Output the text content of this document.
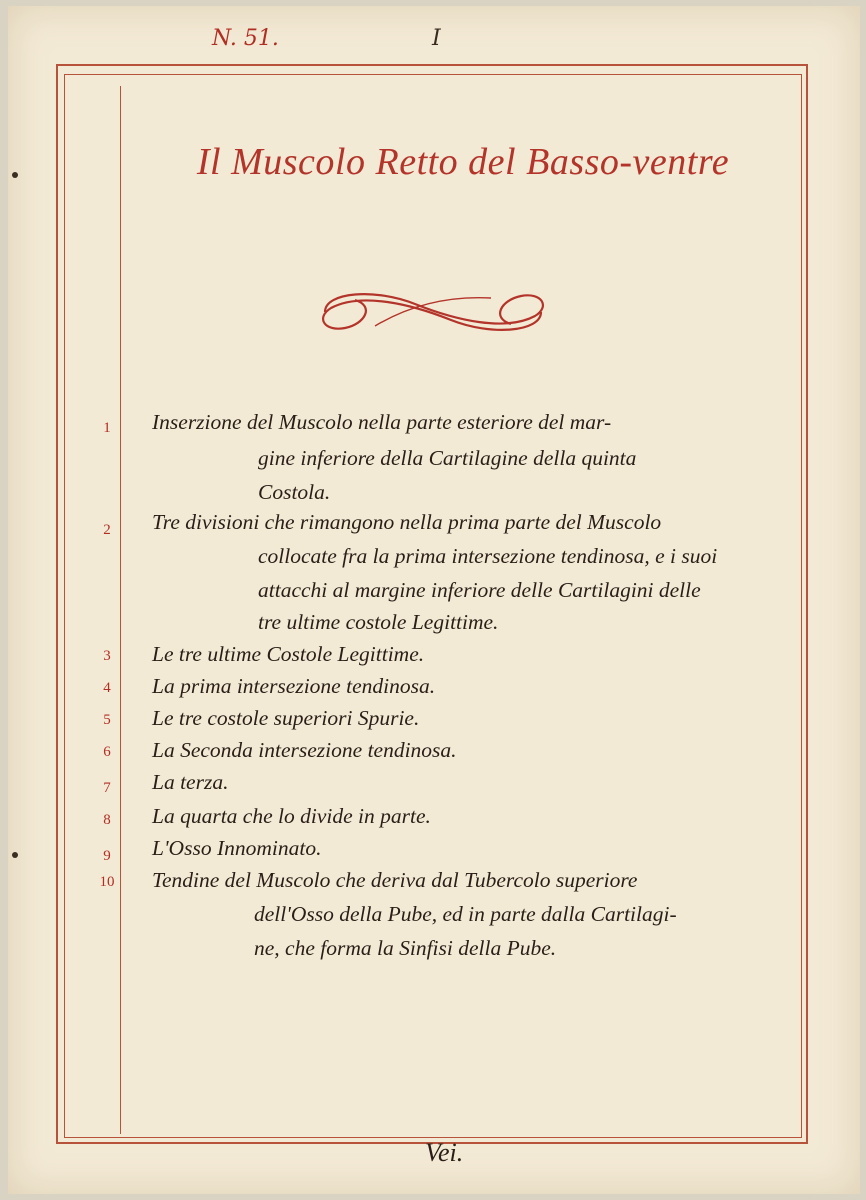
N. 51.	I
Il Muscolo Retto del Basso-ventre
1	Inserzione del Muscolo nella parte esteriore del mar-
gine inferiore della Cartilagine della quinta
Costola.
2	Tre divisioni che rimangono nella prima parte del Muscolo
collocate fra la prima intersezione tendinosa, e i suoi
attacchi al margine inferiore delle Cartilagini delle
tre ultime costole Legittime.
3	Le tre ultime Costole Legittime.
4	La prima intersezione tendinosa.
5	Le tre costole superiori Spurie.
6	La Seconda intersezione tendinosa.
7	La terza.
8	La quarta che lo divide in parte.
9	L'Osso Innominato.
10 Tendine del Muscolo che deriva dal Tubercolo superiore
dell'Osso della Pube, ed in parte dalla Cartilagi-
ne, che forma la Sinfisi della Pube.
Vei.
